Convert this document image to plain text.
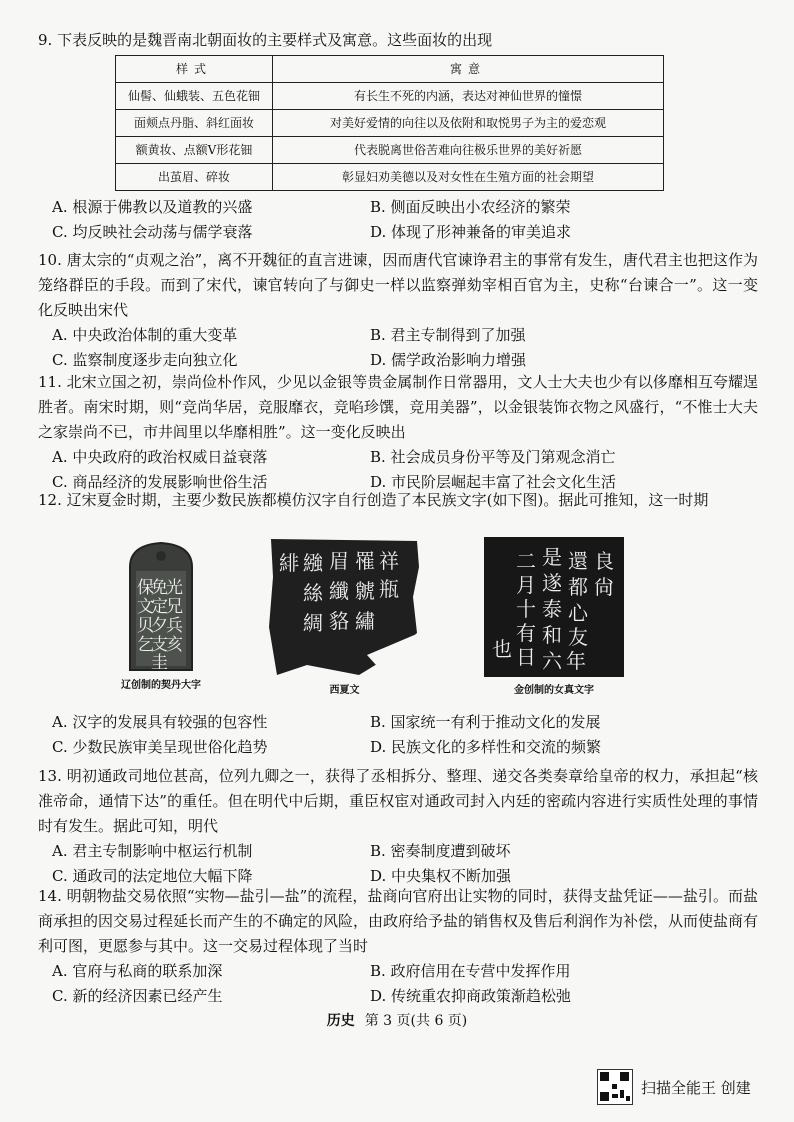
9. 下表反映的是魏晋南北朝面妆的主要样式及寓意。这些面妆的出现

样式	寓意
仙髻、仙蛾装、五色花钿	有长生不死的内涵，表达对神仙世界的憧憬
面颊点丹脂、斜红面妆	对美好爱情的向往以及依附和取悦男子为主的爱恋观
额黄妆、点额V形花钿	代表脱离世俗苦难向往极乐世界的美好祈愿
出茧眉、碎妆	彰显妇劝美德以及对女性在生殖方面的社会期望
A. 根源于佛教以及道教的兴盛	B. 侧面反映出小农经济的繁荣
C. 均反映社会动荡与儒学衰落	D. 体现了形神兼备的审美追求

10. 唐太宗的“贞观之治”，离不开魏征的直言进谏，因而唐代官谏诤君主的事常有发生，唐代君主也把这作为笼络群臣的手段。而到了宋代，谏官转向了与御史一样以监察弹劾宰相百官为主，史称“台谏合一”。这一变化反映出宋代

A. 中央政治体制的重大变革	B. 君主专制得到了加强
C. 监察制度逐步走向独立化	D. 儒学政治影响力增强

11. 北宋立国之初，崇尚俭朴作风，少见以金银等贵金属制作日常器用，文人士大夫也少有以侈靡相互夸耀逞胜者。南宋时期，则“竞尚华居，竞服靡衣，竞啗珍馔，竞用美器”，以金银装饰衣物之风盛行，“不惟士大夫之家崇尚不已，市井闾里以华靡相胜”。这一变化反映出

A. 中央政府的政治权威日益衰落	B. 社会成员身份平等及门第观念消亡
C. 商品经济的发展影响世俗生活	D. 市民阶层崛起丰富了社会文化生活

12. 辽宋夏金时期，主要少数民族都模仿汉字自行创造了本民族文字(如下图)。据此可推知，这一时期

光
兄
免
兵
定
亥
夕
支
文
贝
保
乞
圭
辽创制的契丹大字
緋	祥
眉
繈
纖 瓶
絲 虩
罹
貉
綢 繡
西夏文
是
遂
泰
和
六 年
二
月
十
有
日
也
還
都
心
友
良
尙
金创制的女真文字
A. 汉字的发展具有较强的包容性	B. 国家统一有利于推动文化的发展
C. 少数民族审美呈现世俗化趋势	D. 民族文化的多样性和交流的频繁

13. 明初通政司地位甚高，位列九卿之一，获得了丞相拆分、整理、递交各类奏章给皇帝的权力，承担起“核准帝命，通情下达”的重任。但在明代中后期，重臣权宦对通政司封入内廷的密疏内容进行实质性处理的事情时有发生。据此可知，明代

A. 君主专制影响中枢运行机制	B. 密奏制度遭到破坏
C. 通政司的法定地位大幅下降	D. 中央集权不断加强

14. 明朝物盐交易依照“实物—盐引—盐”的流程，盐商向官府出让实物的同时，获得支盐凭证——盐引。而盐商承担的因交易过程延长而产生的不确定的风险，由政府给予盐的销售权及售后利润作为补偿，从而使盐商有利可图，更愿参与其中。这一交易过程体现了当时

A. 官府与私商的联系加深	B. 政府信用在专营中发挥作用
C. 新的经济因素已经产生	D. 传统重农抑商政策渐趋松弛
历史 第 3 页(共 6 页)
扫描全能王 创建
